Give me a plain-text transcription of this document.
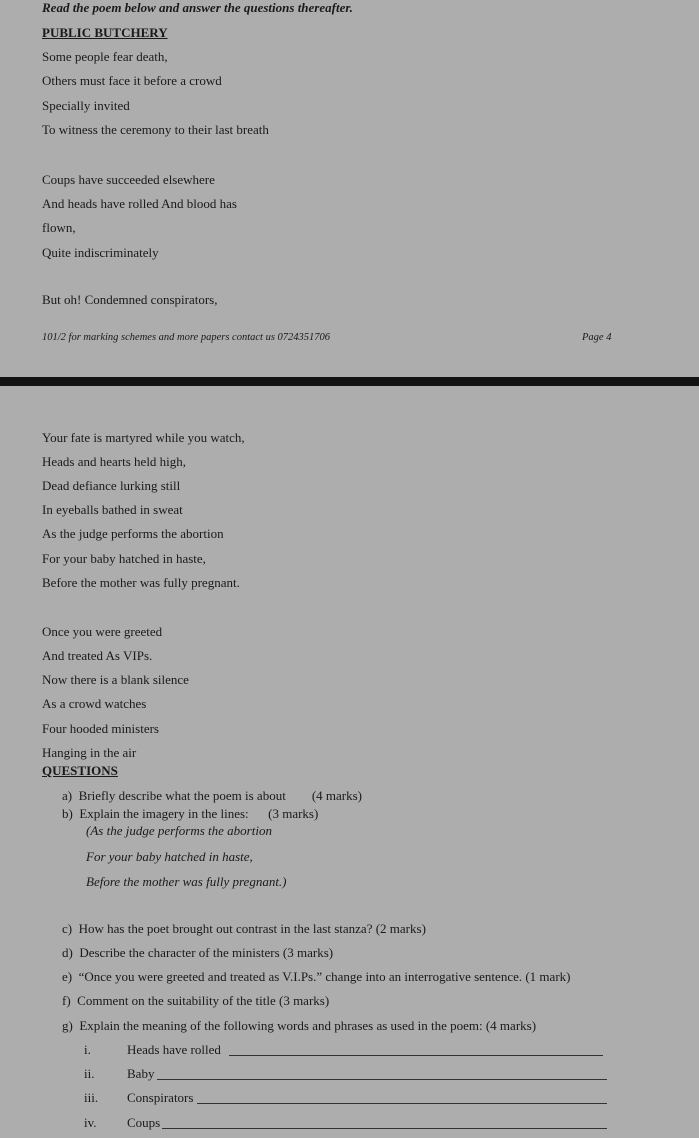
Read the poem below and answer the questions thereafter.
PUBLIC BUTCHERY
Some people fear death,
Others must face it before a crowd
Specially invited
To witness the ceremony to their last breath
Coups have succeeded elsewhere
And heads have rolled And blood has
flown,
Quite indiscriminately
But oh! Condemned conspirators,
101/2 for marking schemes and more papers contact us 0724351706	Page 4
Your fate is martyred while you watch,
Heads and hearts held high,
Dead defiance lurking still
In eyeballs bathed in sweat
As the judge performs the abortion
For your baby hatched in haste,
Before the mother was fully pregnant.
Once you were greeted
And treated As VIPs.
Now there is a blank silence
As a crowd watches
Four hooded ministers
Hanging in the air
QUESTIONS
a)  Briefly describe what the poem is about        (4 marks)
b)  Explain the imagery in the lines:      (3 marks)
c)  How has the poet brought out contrast in the last stanza? (2 marks)
d)  Describe the character of the ministers (3 marks)
e)  “Once you were greeted and treated as V.I.Ps.” change into an interrogative sentence. (1 mark)
f)  Comment on the suitability of the title (3 marks)
g)  Explain the meaning of the following words and phrases as used in the poem: (4 marks)
(As the judge performs the abortion
For your baby hatched in haste,
Before the mother was fully pregnant.)
i.	Heads have rolled
ii.	Baby
iii. Conspirators
iv. Coups
